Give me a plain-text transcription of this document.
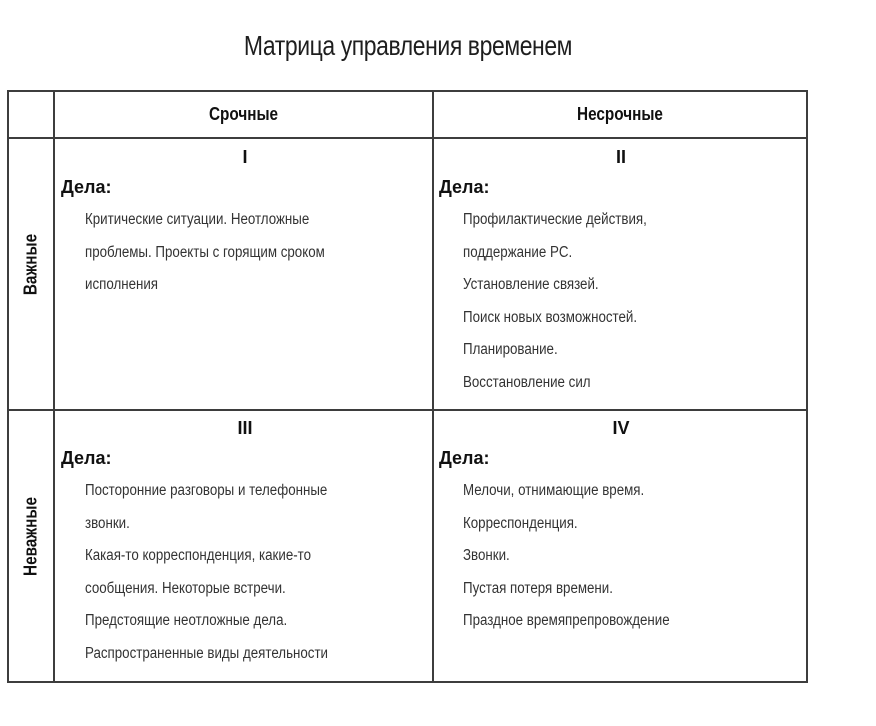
Матрица управления временем
Срочные	Несрочные
Важные
Неважные
I
Дела:
Критические ситуации. Неотложные
проблемы. Проекты с горящим сроком
исполнения
II
Дела:
Профилактические действия,
поддержание PC.
Установление связей.
Поиск новых возможностей.
Планирование.
Восстановление сил
III
Дела:
Посторонние разговоры и телефонные
звонки.
Какая-то корреспонденция, какие-то
сообщения. Некоторые встречи.
Предстоящие неотложные дела.
Распространенные виды деятельности
IV
Дела:
Мелочи, отнимающие время.
Корреспонденция.
Звонки.
Пустая потеря времени.
Праздное времяпрепровождение
